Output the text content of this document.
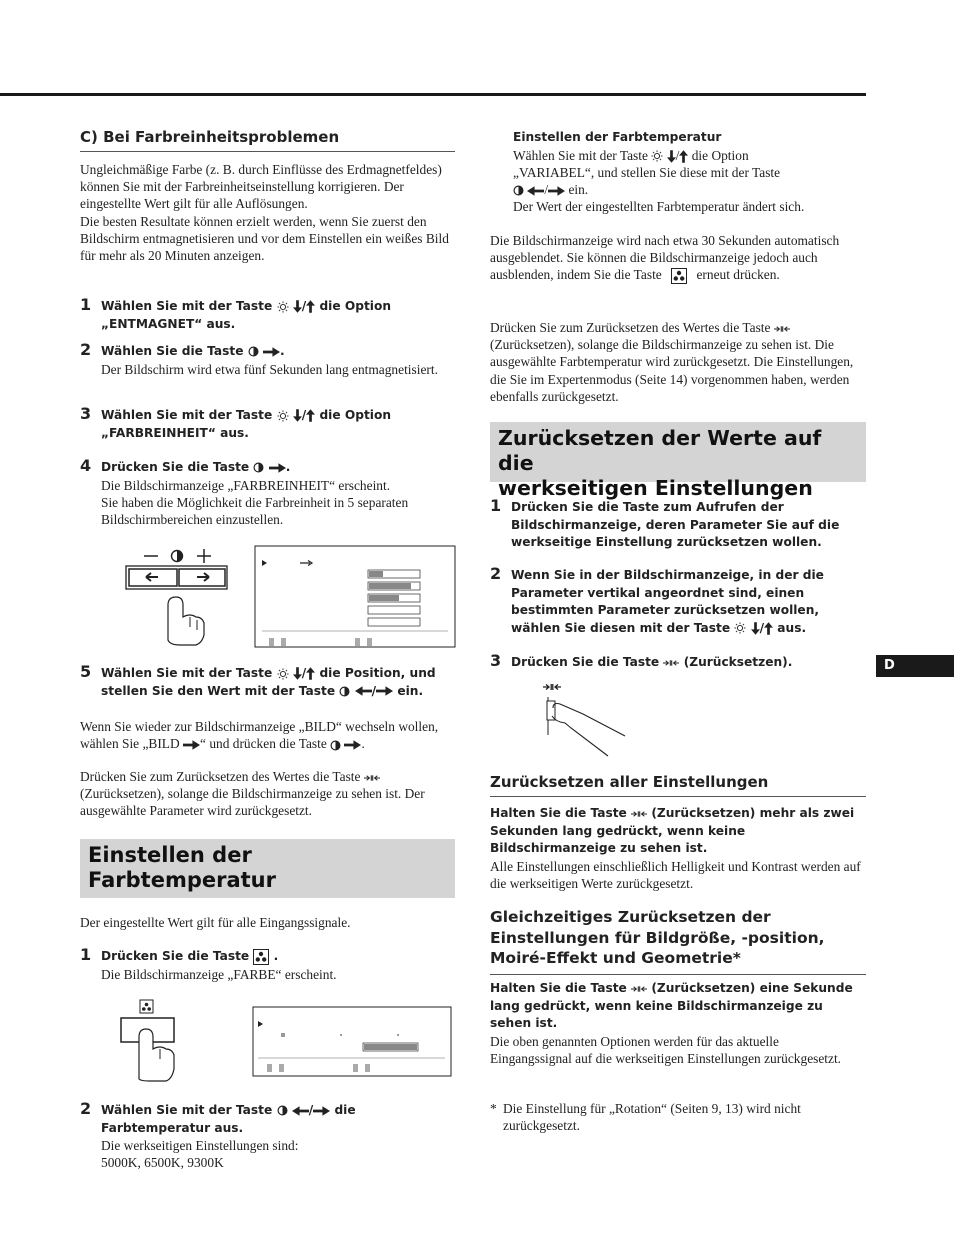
D
C) Bei Farbreinheitsproblemen
Ungleichmäßige Farbe (z. B. durch Einflüsse des Erdmagnetfeldes) können Sie mit der Farbreinheitseinstellung korrigieren. Der eingestellte Wert gilt für alle Auflösungen.
Die besten Resultate können erzielt werden, wenn Sie zuerst den Bildschirm entmagnetisieren und vor dem Einstellen ein weißes Bild für mehr als 20 Minuten anzeigen.
1 Wählen Sie mit der Taste / die Option
„ENTMAGNET“ aus.
2 Wählen Sie die Taste	.
Der Bildschirm wird etwa fünf Sekunden lang entmagnetisiert.
3 Wählen Sie mit der Taste / die Option
„FARBREINHEIT“ aus.
4 Drücken Sie die Taste	.
Die Bildschirmanzeige „FARBREINHEIT“ erscheint.
Sie haben die Möglichkeit die Farbreinheit in 5 separaten Bildschirmbereichen einzustellen.
5 Wählen Sie mit der Taste / die Position, und
stellen Sie den Wert mit der Taste	/ ein.
Wenn Sie wieder zur Bildschirmanzeige „BILD“ wechseln wollen, wählen Sie „BILD “ und drücken die Taste	.
Drücken Sie zum Zurücksetzen des Wertes die Taste  (Zurücksetzen), solange die Bildschirmanzeige zu sehen ist. Der ausgewählte Parameter wird zurückgesetzt.
Einstellen der
Farbtemperatur
Der eingestellte Wert gilt für alle Eingangssignale.
1 Drücken Sie die Taste  .
Die Bildschirmanzeige „FARBE“ erscheint.
2 Wählen Sie mit der Taste	/ die
Farbtemperatur aus.
Die werkseitigen Einstellungen sind:
5000K, 6500K, 9300K
Einstellen der Farbtemperatur
Wählen Sie mit der Taste / die Option
„VARIABEL“, und stellen Sie diese mit der Taste
/ ein.
Der Wert der eingestellten Farbtemperatur ändert sich.
Die Bildschirmanzeige wird nach etwa 30 Sekunden automatisch ausgeblendet. Sie können die Bildschirmanzeige jedoch auch ausblenden, indem Sie die Taste	erneut drücken.
Drücken Sie zum Zurücksetzen des Wertes die Taste  (Zurücksetzen), solange die Bildschirmanzeige zu sehen ist. Die ausgewählte Farbtemperatur wird zurückgesetzt. Die Einstellungen, die Sie im Expertenmodus (Seite 14) vorgenommen haben, werden ebenfalls zurückgesetzt.
Zurücksetzen der Werte auf die
werkseitigen Einstellungen
1 Drücken Sie die Taste zum Aufrufen der Bildschirmanzeige, deren Parameter Sie auf die werkseitige Einstellung zurücksetzen wollen.
2 Wenn Sie in der Bildschirmanzeige, in der die Parameter vertikal angeordnet sind, einen bestimmten Parameter zurücksetzen wollen, wählen Sie diesen mit der Taste / aus.
3 Drücken Sie die Taste (Zurücksetzen).
Zurücksetzen aller Einstellungen
Halten Sie die Taste (Zurücksetzen) mehr als zwei Sekunden lang gedrückt, wenn keine Bildschirmanzeige zu sehen ist.
Alle Einstellungen einschließlich Helligkeit und Kontrast werden auf die werkseitigen Werte zurückgesetzt.
Gleichzeitiges Zurücksetzen der Einstellungen für Bildgröße, -position, Moiré-Effekt und Geometrie*
Halten Sie die Taste (Zurücksetzen) eine Sekunde lang gedrückt, wenn keine Bildschirmanzeige zu sehen ist.
Die oben genannten Optionen werden für das aktuelle Eingangssignal auf die werkseitigen Einstellungen zurückgesetzt.
* Die Einstellung für „Rotation“ (Seiten 9, 13) wird nicht zurückgesetzt.
